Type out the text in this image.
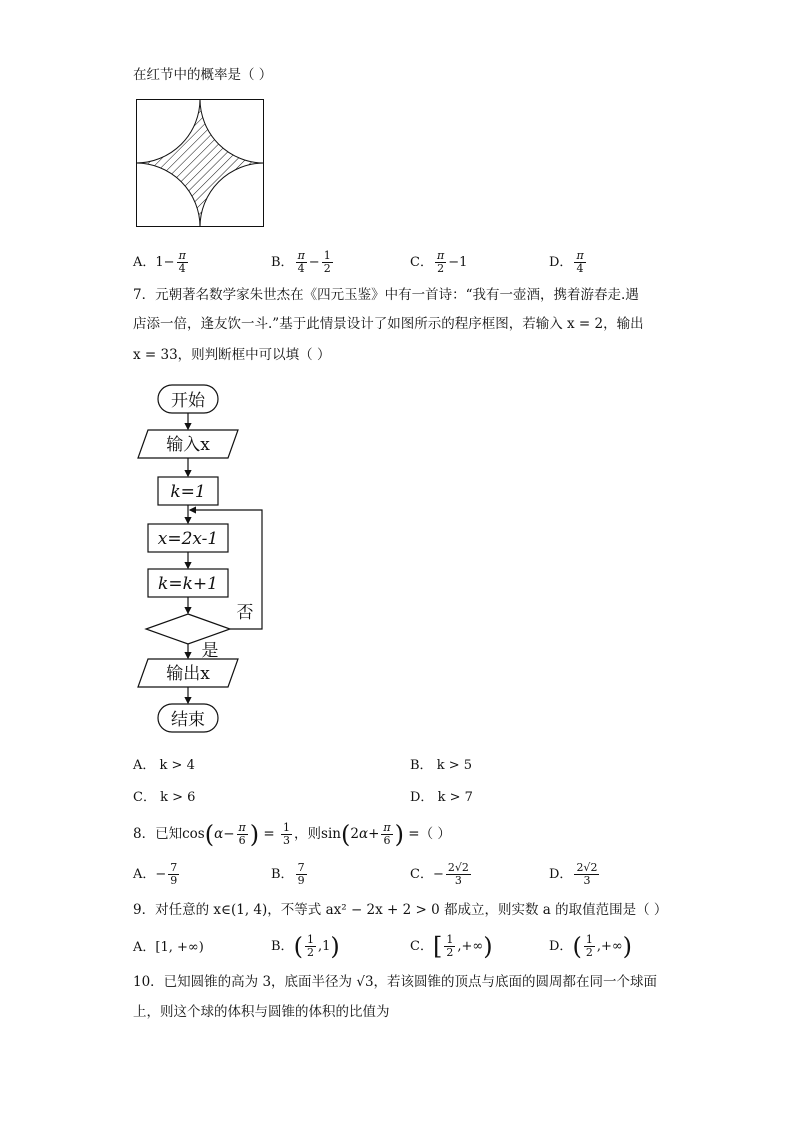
在红节中的概率是（ ）
A．$1- \frac{\pi}{4}$	B． $\frac{\pi}{4} - \frac{1}{2}$	C． $\frac{\pi}{2} -1$	D． $\frac{\pi}{4}$
7．元朝著名数学家朱世杰在《四元玉鉴》中有一首诗：“我有一壶酒，携着游春走.遇
店添一倍，逢友饮一斗.”基于此情景设计了如图所示的程序框图，若输入 x = 2，输出
x = 33，则判断框中可以填（ ）
开始
输入x
k=1
x=2x-1
k=k+1
否
是
输出x
结束
A． k > 4	B． k > 5
C． k > 6	D． k > 7
8．已知$\cos(\alpha- \frac{\pi}{6}$ ) = $\frac{1}{3}$ ，则$\sin(2\alpha+ \frac{\pi}{6}$ ) =（ ）
A．− $\frac{7}{9}$	B． $\frac{7}{9}$	C．− $\frac{2√2}{3}$	D． $\frac{2√2}{3}$
9．对任意的 x∈(1, 4)，不等式 ax² − 2x + 2 > 0 都成立，则实数 a 的取值范围是（ ）
A．[1, +∞)	B．( $\frac{1}{2} ,1$)	C．[ $\frac{1}{2}$ ,+∞)	D．( $\frac{1}{2}$ ,+∞)
10．已知圆锥的高为 3，底面半径为 √3，若该圆锥的顶点与底面的圆周都在同一个球面
上，则这个球的体积与圆锥的体积的比值为
